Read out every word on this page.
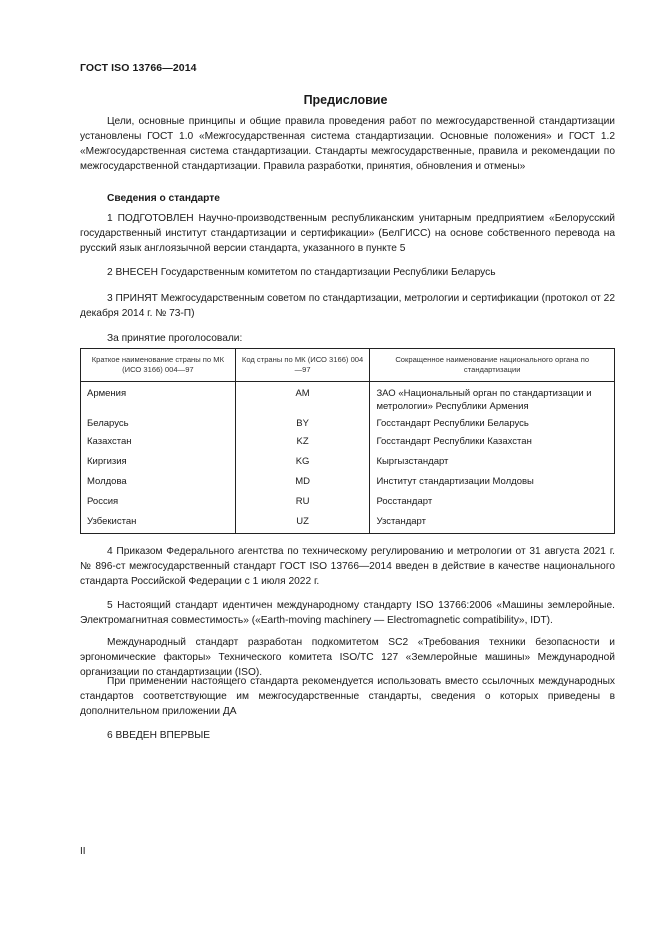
ГОСТ ISO 13766—2014
Предисловие
Цели, основные принципы и общие правила проведения работ по межгосударственной стандартизации установлены ГОСТ 1.0 «Межгосударственная система стандартизации. Основные положения» и ГОСТ 1.2 «Межгосударственная система стандартизации. Стандарты межгосударственные, правила и рекомендации по межгосударственной стандартизации. Правила разработки, принятия, обновления и отмены»
Сведения о стандарте
1 ПОДГОТОВЛЕН Научно-производственным республиканским унитарным предприятием «Белорусский государственный институт стандартизации и сертификации» (БелГИСС) на основе собственного перевода на русский язык англоязычной версии стандарта, указанного в пункте 5
2 ВНЕСЕН Государственным комитетом по стандартизации Республики Беларусь
3 ПРИНЯТ Межгосударственным советом по стандартизации, метрологии и сертификации (протокол от 22 декабря 2014 г. № 73-П)
За принятие проголосовали:
Краткое наименование страны по МК (ИСО 3166) 004—97	Код страны по МК (ИСО 3166) 004—97	Сокращенное наименование национального органа по стандартизации
Армения	AM	ЗАО «Национальный орган по стандартизации и метрологии» Республики Армения
Беларусь	BY	Госстандарт Республики Беларусь
Казахстан	KZ	Госстандарт Республики Казахстан
Киргизия	KG	Кыргызстандарт
Молдова	MD	Институт стандартизации Молдовы
Россия	RU	Росстандарт
Узбекистан	UZ	Узстандарт
4 Приказом Федерального агентства по техническому регулированию и метрологии от 31 августа 2021 г. № 896-ст межгосударственный стандарт ГОСТ ISO 13766—2014 введен в действие в качестве национального стандарта Российской Федерации с 1 июля 2022 г.
5 Настоящий стандарт идентичен международному стандарту ISO 13766:2006 «Машины землеройные. Электромагнитная совместимость» («Earth-moving machinery — Electromagnetic compatibility», IDT).
Международный стандарт разработан подкомитетом SC2 «Требования техники безопасности и эргономические факторы» Технического комитета ISO/TC 127 «Землеройные машины» Международной организации по стандартизации (ISO).
При применении настоящего стандарта рекомендуется использовать вместо ссылочных международных стандартов соответствующие им межгосударственные стандарты, сведения о которых приведены в дополнительном приложении ДА
6 ВВЕДЕН ВПЕРВЫЕ
II
